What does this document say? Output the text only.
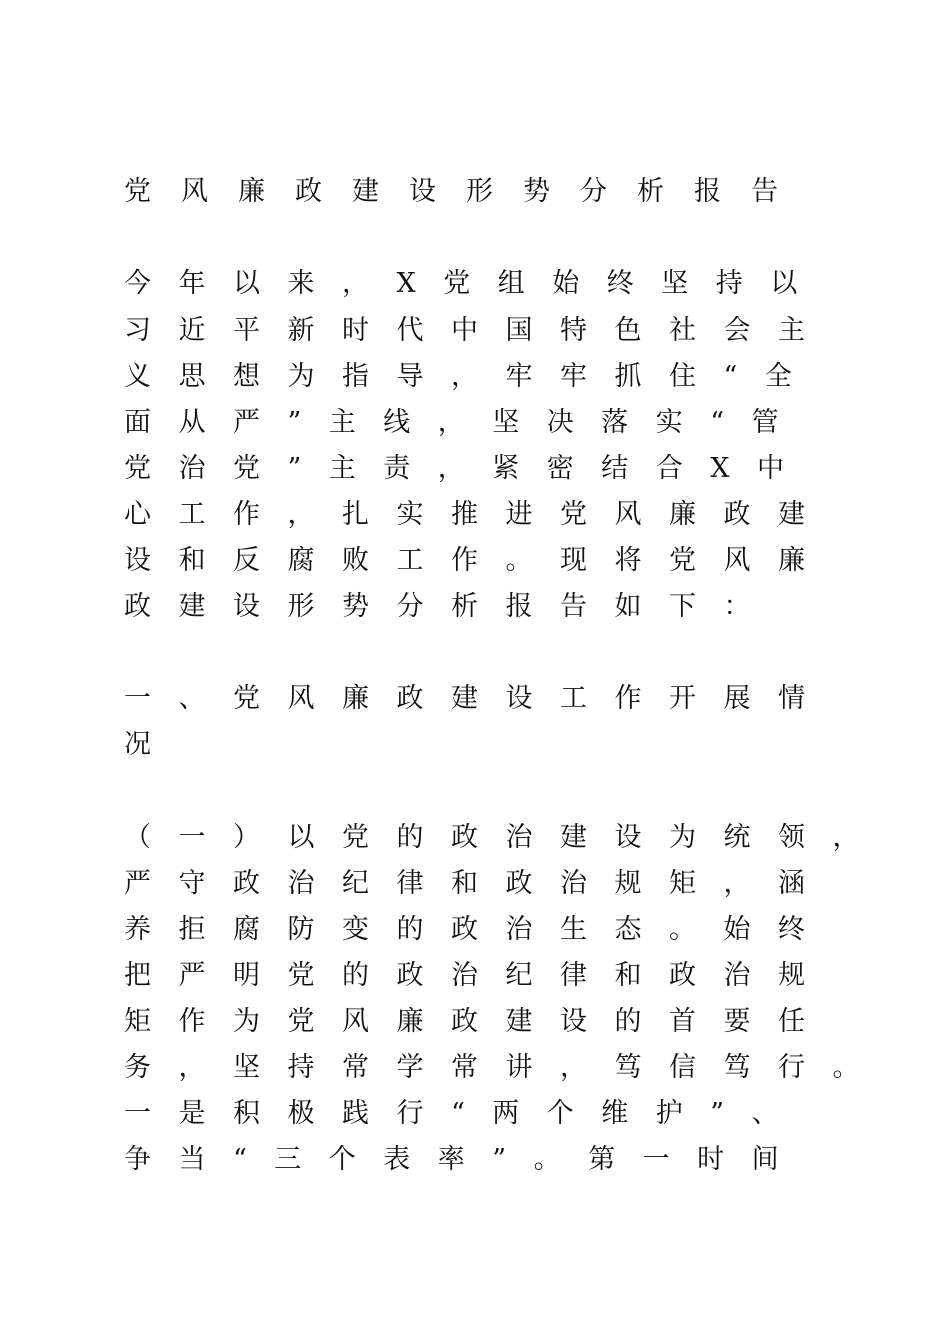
党风廉政建设形势分析报告
今年以来，X党组始终坚持以
习近平新时代中国特色社会主
义思想为指导，牢牢抓住“全
面从严”主线，坚决落实“管
党治党”主责，紧密结合X中
心工作，扎实推进党风廉政建
设和反腐败工作。现将党风廉
政建设形势分析报告如下：
一、党风廉政建设工作开展情
况
（一）以党的政治建设为统领，
严守政治纪律和政治规矩，涵
养拒腐防变的政治生态。始终
把严明党的政治纪律和政治规
矩作为党风廉政建设的首要任
务，坚持常学常讲，笃信笃行。
一是积极践行“两个维护”、
争当“三个表率”。第一时间
